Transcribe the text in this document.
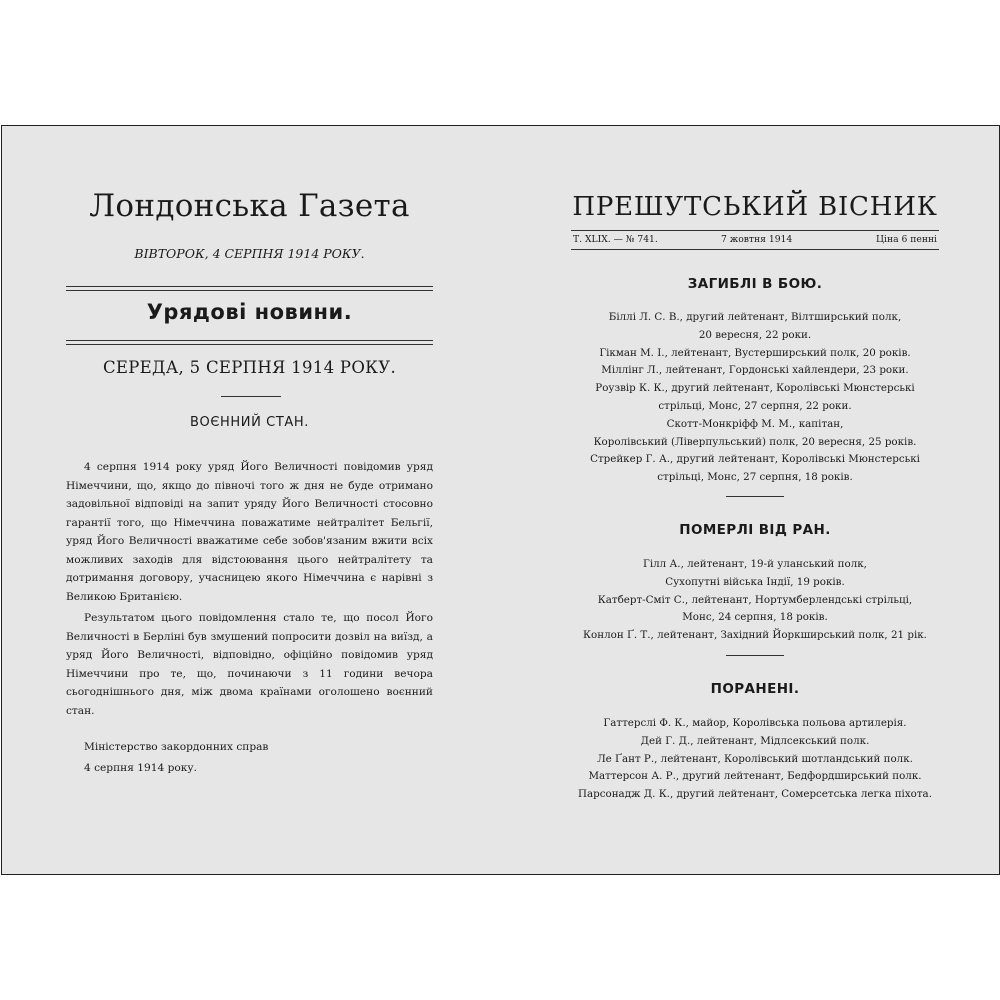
Лондонська Газета
ВІВТОРОК, 4 СЕРПНЯ 1914 РОКУ.
Урядові новини.
СЕРЕДА, 5 СЕРПНЯ 1914 РОКУ.
ВОЄННИЙ СТАН.

4 серпня 1914 року уряд Його Величності повідомив уряд Німеччини, що, якщо до півночі того ж дня не буде отримано задовільної відповіді на запит уряду Його Величності стосовно гарантії того, що Німеччина поважатиме нейтралітет Бельгії, уряд Його Величності вважатиме себе зобов'язаним вжити всіх можливих заходів для відстоювання цього нейтралітету та дотримання договору, учасницею якого Німеччина є нарівні з Великою Британією.

Результатом цього повідомлення стало те, що посол Його Величності в Берліні був змушений попросити дозвіл на виїзд, а уряд Його Величності, відповідно, офіційно повідомив уряд Німеччини про те, що, починаючи з 11 години вечора сьогоднішнього дня, між двома країнами оголошено воєнний стан.

Міністерство закордонних справ
4 серпня 1914 року.
ПРЕШУТСЬКИЙ ВІСНИК
Т. XLIX. — № 741.	7 жовтня 1914	Ціна 6 пенні
ЗАГИБЛІ В БОЮ.
Біллі Л. С. В., другий лейтенант, Вілтширський полк,
20 вересня, 22 роки.
Гікман М. І., лейтенант, Вустерширський полк, 20 років.
Міллінг Л., лейтенант, Гордонські хайлендери, 23 роки.
Роузвір К. К., другий лейтенант, Королівські Мюнстерські
стрільці, Монс, 27 серпня, 22 роки.
Скотт-Монкріфф М. М., капітан,
Королівський (Ліверпульський) полк, 20 вересня, 25 років.
Стрейкер Г. А., другий лейтенант, Королівські Мюнстерські
стрільці, Монс, 27 серпня, 18 років.
ПОМЕРЛІ ВІД РАН.
Гілл А., лейтенант, 19-й уланський полк,
Сухопутні війська Індії, 19 років.
Катберт-Сміт С., лейтенант, Нортумберлендські стрільці,
Монс, 24 серпня, 18 років.
Конлон Ґ. Т., лейтенант, Західний Йоркширський полк, 21 рік.
ПОРАНЕНІ.
Гаттерслі Ф. К., майор, Королівська польова артилерія.
Дей Г. Д., лейтенант, Мідлсекський полк.
Ле Ґант Р., лейтенант, Королівський шотландський полк.
Маттерсон А. Р., другий лейтенант, Бедфордширський полк.
Парсонадж Д. К., другий лейтенант, Сомерсетська легка піхота.
